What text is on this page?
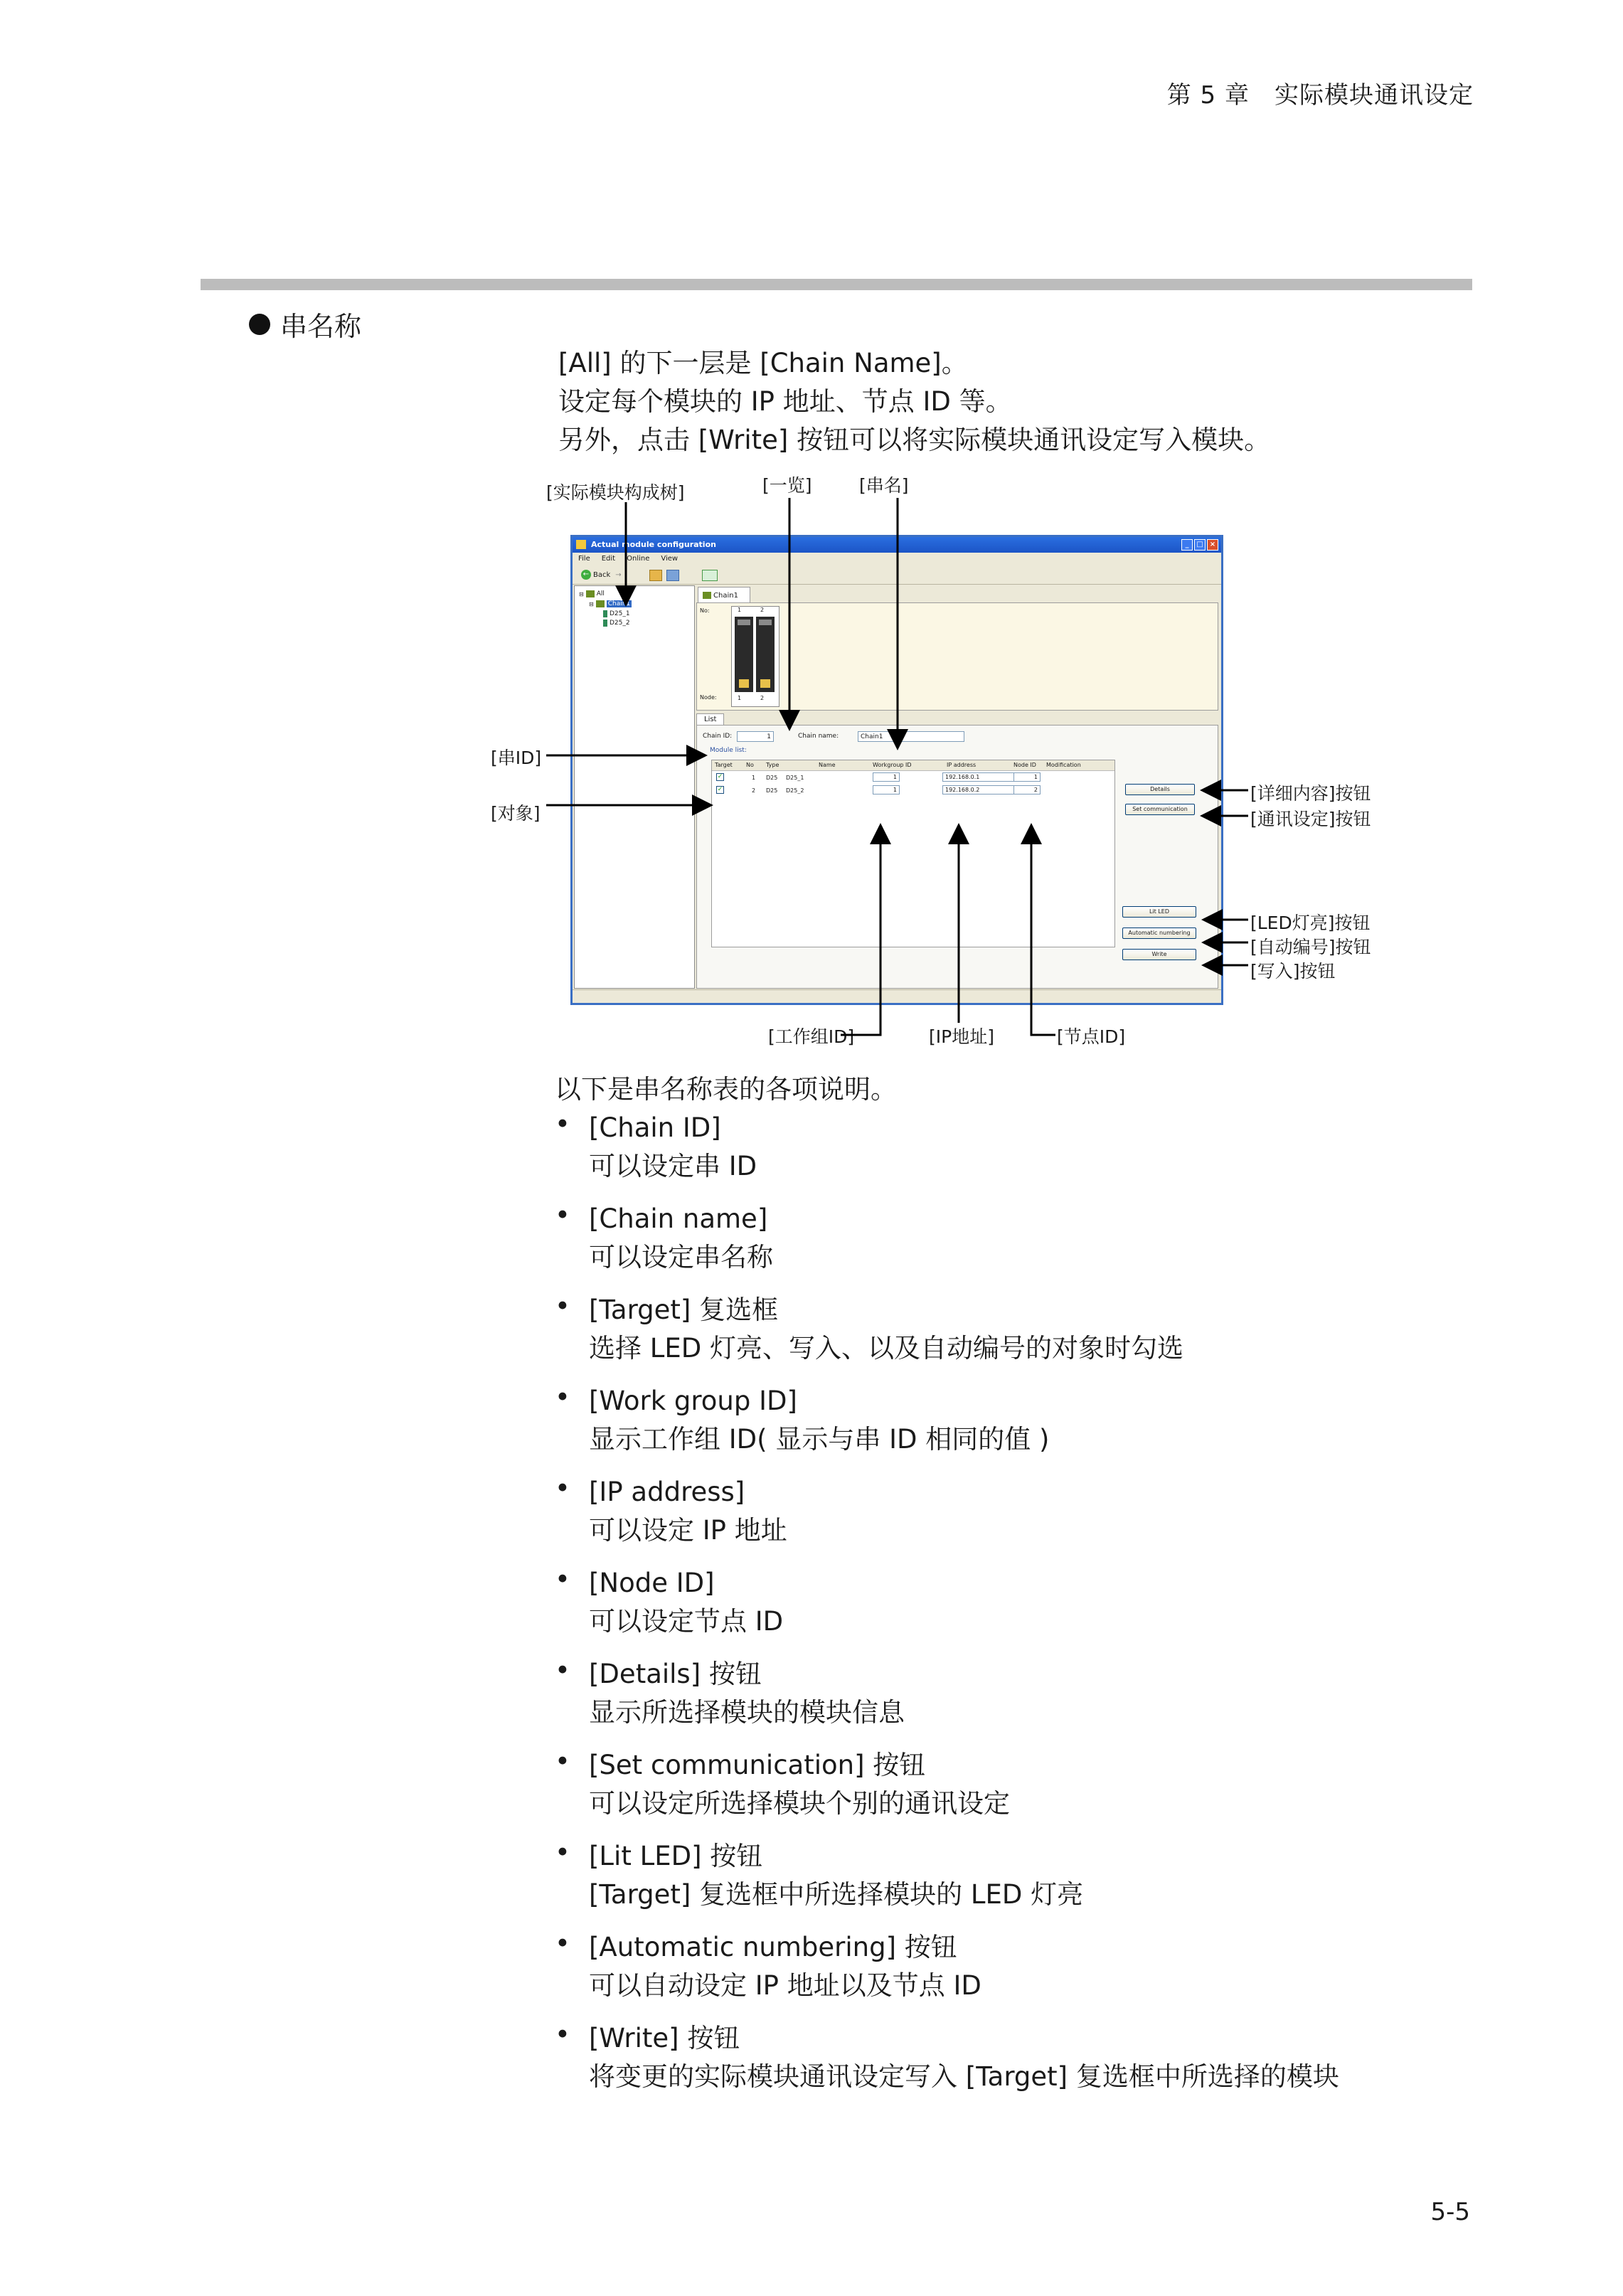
第 5 章　实际模块通讯设定
串名称
[All] 的下一层是 [Chain Name]。
设定每个模块的 IP 地址、节点 ID 等。
另外，点击 [Write] 按钮可以将实际模块通讯设定写入模块。
[实际模块构成树]	[一览]	[串名]
[串ID]
[对象]
[详细内容]按钮
[通讯设定]按钮
[LED灯亮]按钮
[自动编号]按钮
[写入]按钮
[工作组ID]	[IP地址]	[节点ID]
Actual module configuration	_	□ ×
File Edit Online View
← Back →
⊟ All
⊟ Chain1
D25_1
D25_2
Chain1
No:
Node:
1	2
1	2
List
Chain ID:	1	Chain name:	Chain1
Module list:
Target No Type	Name	Workgroup ID	IP address	Node ID Modification
✓	1 D25 D25_1	1	192.168.0.1	1
✓	2 D25 D25_2	1	192.168.0.2	2	Details
Set communication
Lit LED
Automatic numbering
Write
以下是串名称表的各项说明。
• [Chain ID]
可以设定串 ID
• [Chain name]
可以设定串名称
• [Target] 复选框
选择 LED 灯亮、写入、以及自动编号的对象时勾选
• [Work group ID]
显示工作组 ID( 显示与串 ID 相同的值 )
• [IP address]
可以设定 IP 地址
• [Node ID]
可以设定节点 ID
• [Details] 按钮
显示所选择模块的模块信息
• [Set communication] 按钮
可以设定所选择模块个别的通讯设定
• [Lit LED] 按钮
[Target] 复选框中所选择模块的 LED 灯亮
• [Automatic numbering] 按钮
可以自动设定 IP 地址以及节点 ID
• [Write] 按钮
将变更的实际模块通讯设定写入 [Target] 复选框中所选择的模块
5-5
